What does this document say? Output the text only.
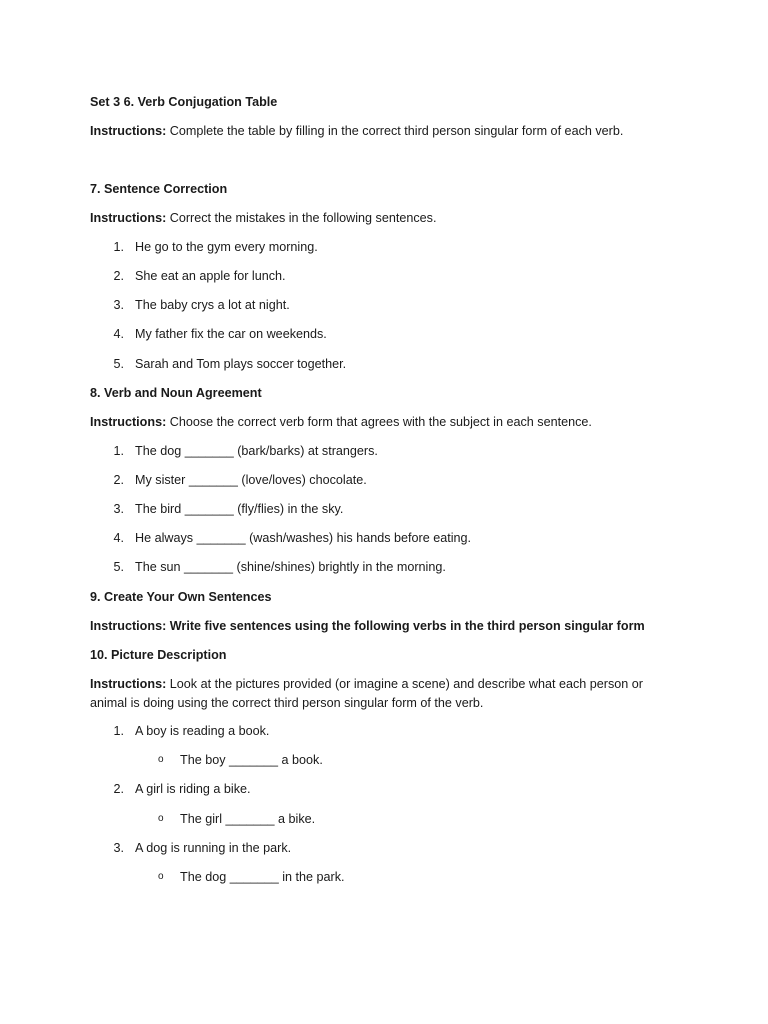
Set 3 6. Verb Conjugation Table
Instructions: Complete the table by filling in the correct third person singular form of each verb.
7. Sentence Correction
Instructions: Correct the mistakes in the following sentences.
1. He go to the gym every morning.
2. She eat an apple for lunch.
3. The baby crys a lot at night.
4. My father fix the car on weekends.
5. Sarah and Tom plays soccer together.
8. Verb and Noun Agreement
Instructions: Choose the correct verb form that agrees with the subject in each sentence.
1. The dog _______ (bark/barks) at strangers.
2. My sister _______ (love/loves) chocolate.
3. The bird _______ (fly/flies) in the sky.
4. He always _______ (wash/washes) his hands before eating.
5. The sun _______ (shine/shines) brightly in the morning.
9. Create Your Own Sentences
Instructions: Write five sentences using the following verbs in the third person singular form
10. Picture Description
Instructions: Look at the pictures provided (or imagine a scene) and describe what each person or animal is doing using the correct third person singular form of the verb.
1. A boy is reading a book.
o The boy _______ a book.
2. A girl is riding a bike.
o The girl _______ a bike.
3. A dog is running in the park.
o The dog _______ in the park.
